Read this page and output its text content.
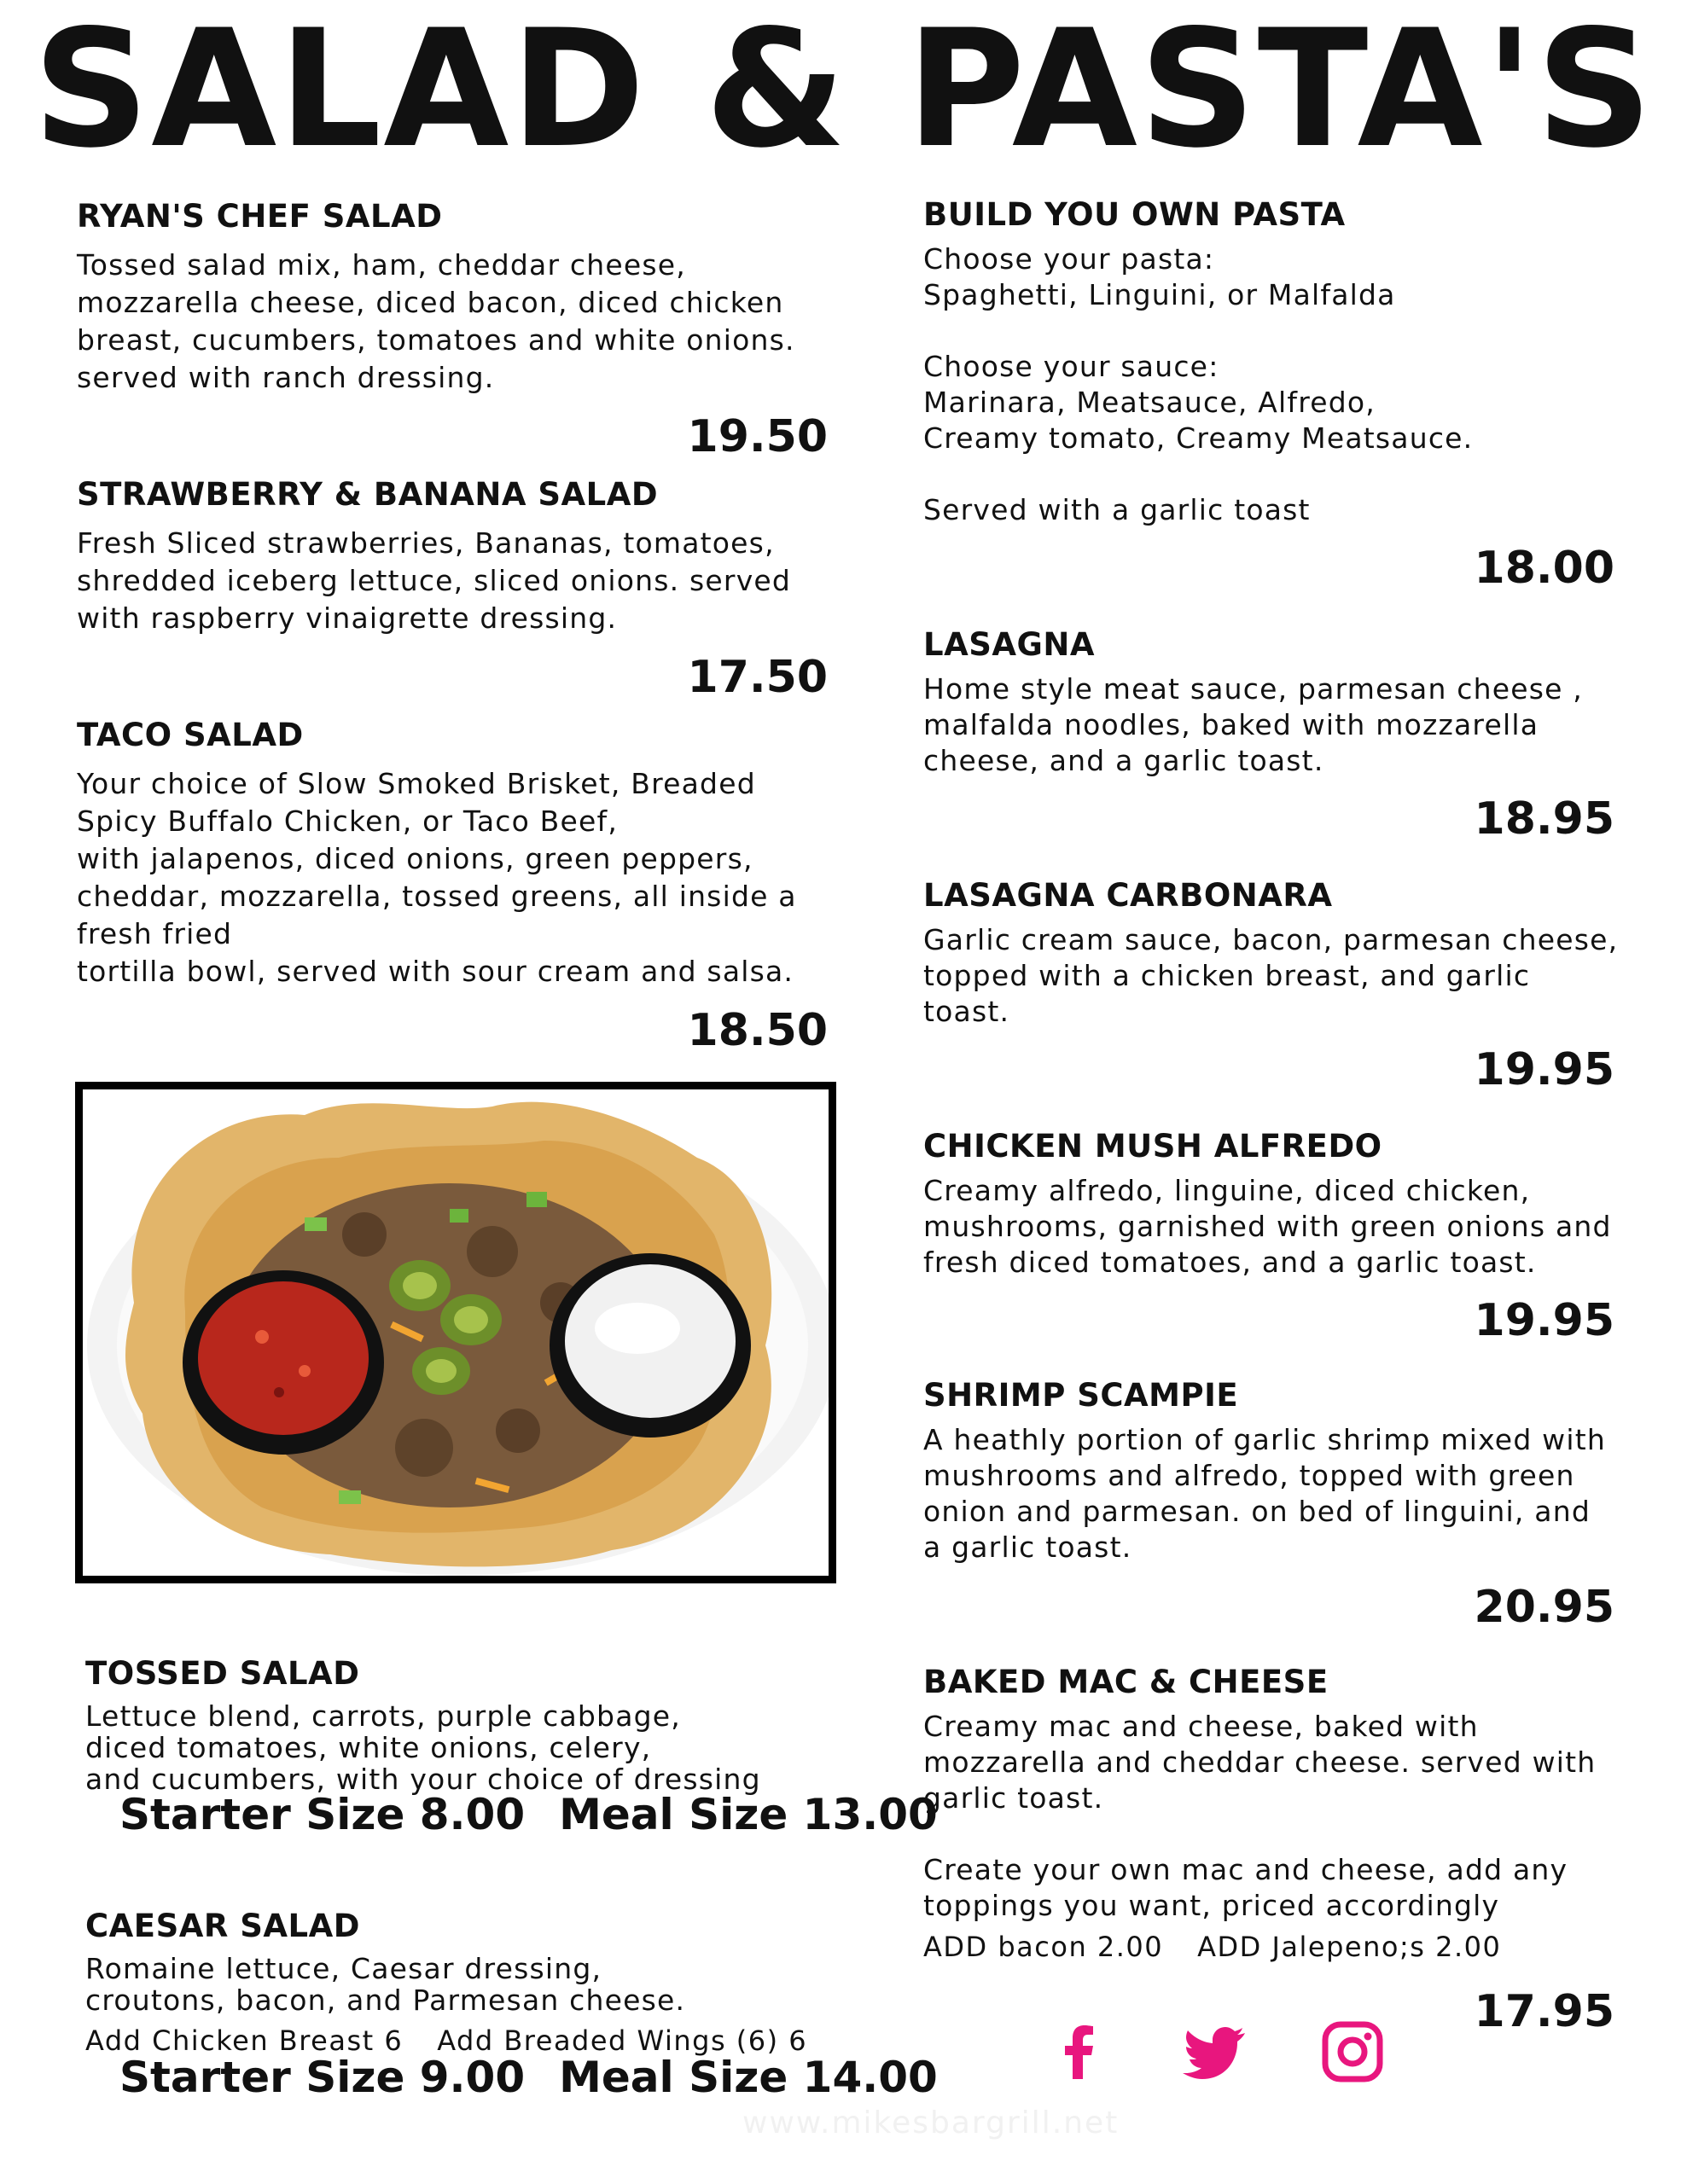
SALAD & PASTA'S

RYAN'S CHEF SALAD

Tossed salad mix, ham, cheddar cheese,
mozzarella cheese, diced bacon, diced chicken
breast, cucumbers, tomatoes and white onions.
served with ranch dressing.

19.50

STRAWBERRY & BANANA SALAD

Fresh Sliced strawberries, Bananas, tomatoes,
shredded iceberg lettuce, sliced onions. served
with raspberry vinaigrette dressing.

17.50

TACO SALAD

Your choice of Slow Smoked Brisket, Breaded
Spicy Buffalo Chicken, or Taco Beef,
with jalapenos, diced onions, green peppers,
cheddar, mozzarella, tossed greens, all inside a
fresh fried
tortilla bowl, served with sour cream and salsa.

18.50

TOSSED SALAD

Lettuce blend, carrots, purple cabbage,
diced tomatoes, white onions, celery,
and cucumbers, with your choice of dressing

Starter Size 8.00 Meal Size 13.00

CAESAR SALAD

Romaine lettuce, Caesar dressing,
croutons, bacon, and Parmesan cheese.

Add Chicken Breast 6 Add Breaded Wings (6) 6
Starter Size 9.00 Meal Size 14.00

BUILD YOU OWN PASTA

Choose your pasta:
Spaghetti, Linguini, or Malfalda

Choose your sauce:
Marinara, Meatsauce, Alfredo,
Creamy tomato, Creamy Meatsauce.

Served with a garlic toast

18.00

LASAGNA

Home style meat sauce, parmesan cheese ,
malfalda noodles, baked with mozzarella
cheese, and a garlic toast.

18.95

LASAGNA CARBONARA

Garlic cream sauce, bacon, parmesan cheese,
topped with a chicken breast, and garlic
toast.

19.95

CHICKEN MUSH ALFREDO

Creamy alfredo, linguine, diced chicken,
mushrooms, garnished with green onions and
fresh diced tomatoes, and a garlic toast.

19.95

SHRIMP SCAMPIE

A heathly portion of garlic shrimp mixed with
mushrooms and alfredo, topped with green
onion and parmesan. on bed of linguini, and
a garlic toast.

20.95

BAKED MAC & CHEESE

Creamy mac and cheese, baked with
mozzarella and cheddar cheese. served with
garlic toast.

Create your own mac and cheese, add any
toppings you want, priced accordingly

ADD bacon 2.00 ADD Jalepeno;s 2.00
17.95
www.mikesbargrill.net
